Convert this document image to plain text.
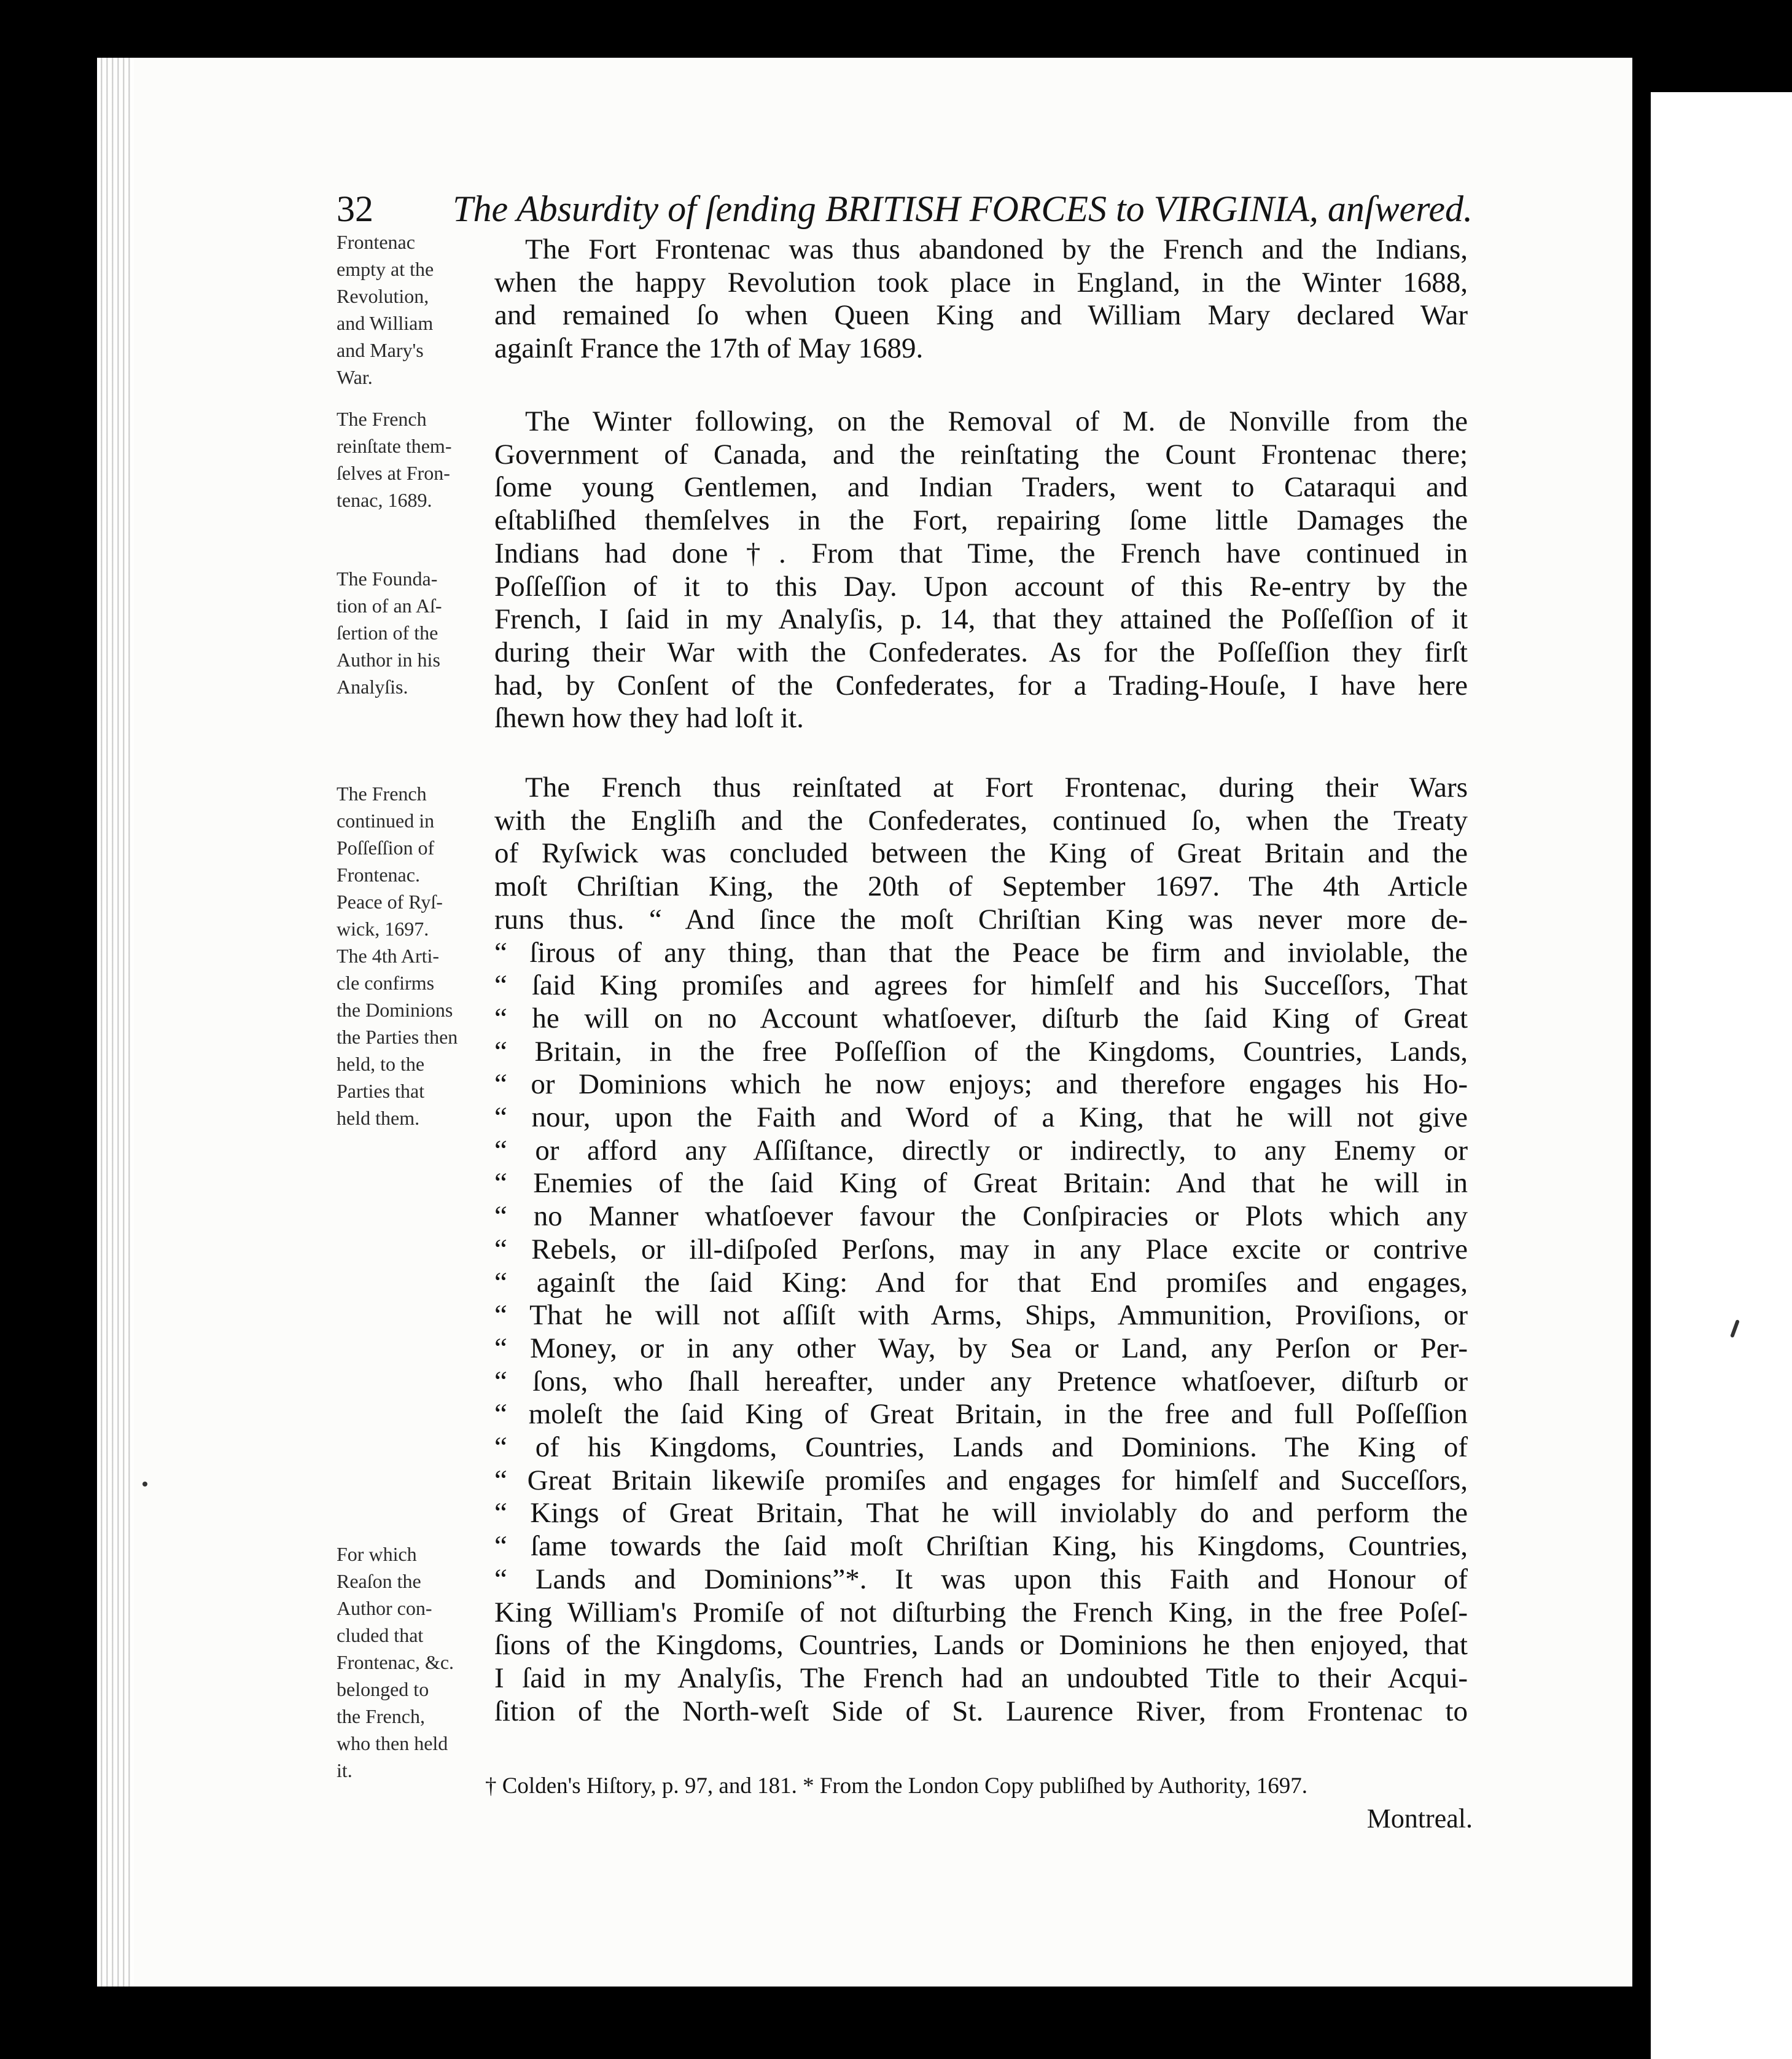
32 The Absurdity of ſending BRITISH FORCES to VIRGINIA, anſwered.
Frontenac
empty at the
Revolution,
and William
and Mary's
War.
The French
reinſtate them-
ſelves at Fron-
tenac, 1689.
The Founda-
tion of an Aſ-
ſertion of the
Author in his
Analyſis.
The French
continued in
Poſſeſſion of
Frontenac.
Peace of Ryſ-
wick, 1697.
The 4th Arti-
cle confirms
the Dominions
the Parties then
held, to the
Parties that
held them.
For which
Reaſon the
Author con-
cluded that
Frontenac, &c.
belonged to
the French,
who then held
it.
The Fort Frontenac was thus abandoned by the French and the Indians,
when the happy Revolution took place in England, in the Winter 1688,
and remained ſo when Queen King and William Mary declared War
againſt France the 17th of May 1689.
The Winter following, on the Removal of M. de Nonville from the
Government of Canada, and the reinſtating the Count Frontenac there;
ſome young Gentlemen, and Indian Traders, went to Cataraqui and
eſtabliſhed themſelves in the Fort, repairing ſome little Damages the
Indians had done†. From that Time, the French have continued in
Poſſeſſion of it to this Day. Upon account of this Re-entry by the
French, I ſaid in my Analyſis, p. 14, that they attained the Poſſeſſion of it
during their War with the Confederates. As for the Poſſeſſion they firſt
had, by Conſent of the Confederates, for a Trading-Houſe, I have here
ſhewn how they had loſt it.
The French thus reinſtated at Fort Frontenac, during their Wars
with the Engliſh and the Confederates, continued ſo, when the Treaty
of Ryſwick was concluded between the King of Great Britain and the
moſt Chriſtian King, the 20th of September 1697. The 4th Article
runs thus. “ And ſince the moſt Chriſtian King was never more de-
“ ſirous of any thing, than that the Peace be firm and inviolable, the
“ ſaid King promiſes and agrees for himſelf and his Succeſſors, That
“ he will on no Account whatſoever, diſturb the ſaid King of Great
“ Britain, in the free Poſſeſſion of the Kingdoms, Countries, Lands,
“ or Dominions which he now enjoys; and therefore engages his Ho-
“ nour, upon the Faith and Word of a King, that he will not give
“ or afford any Aſſiſtance, directly or indirectly, to any Enemy or
“ Enemies of the ſaid King of Great Britain: And that he will in
“ no Manner whatſoever favour the Conſpiracies or Plots which any
“ Rebels, or ill-diſpoſed Perſons, may in any Place excite or contrive
“ againſt the ſaid King: And for that End promiſes and engages,
“ That he will not aſſiſt with Arms, Ships, Ammunition, Proviſions, or
“ Money, or in any other Way, by Sea or Land, any Perſon or Per-
“ ſons, who ſhall hereafter, under any Pretence whatſoever, diſturb or
“ moleſt the ſaid King of Great Britain, in the free and full Poſſeſſion
“ of his Kingdoms, Countries, Lands and Dominions. The King of
“ Great Britain likewiſe promiſes and engages for himſelf and Succeſſors,
“ Kings of Great Britain, That he will inviolably do and perform the
“ ſame towards the ſaid moſt Chriſtian King, his Kingdoms, Countries,
“ Lands and Dominions”*. It was upon this Faith and Honour of
King William's Promiſe of not diſturbing the French King, in the free Poſeſ-
ſions of the Kingdoms, Countries, Lands or Dominions he then enjoyed, that
I ſaid in my Analyſis, The French had an undoubted Title to their Acqui-
ſition of the North-weſt Side of St. Laurence River, from Frontenac to
† Colden's Hiſtory, p. 97, and 181. * From the London Copy publiſhed by Authority, 1697.
Montreal.
